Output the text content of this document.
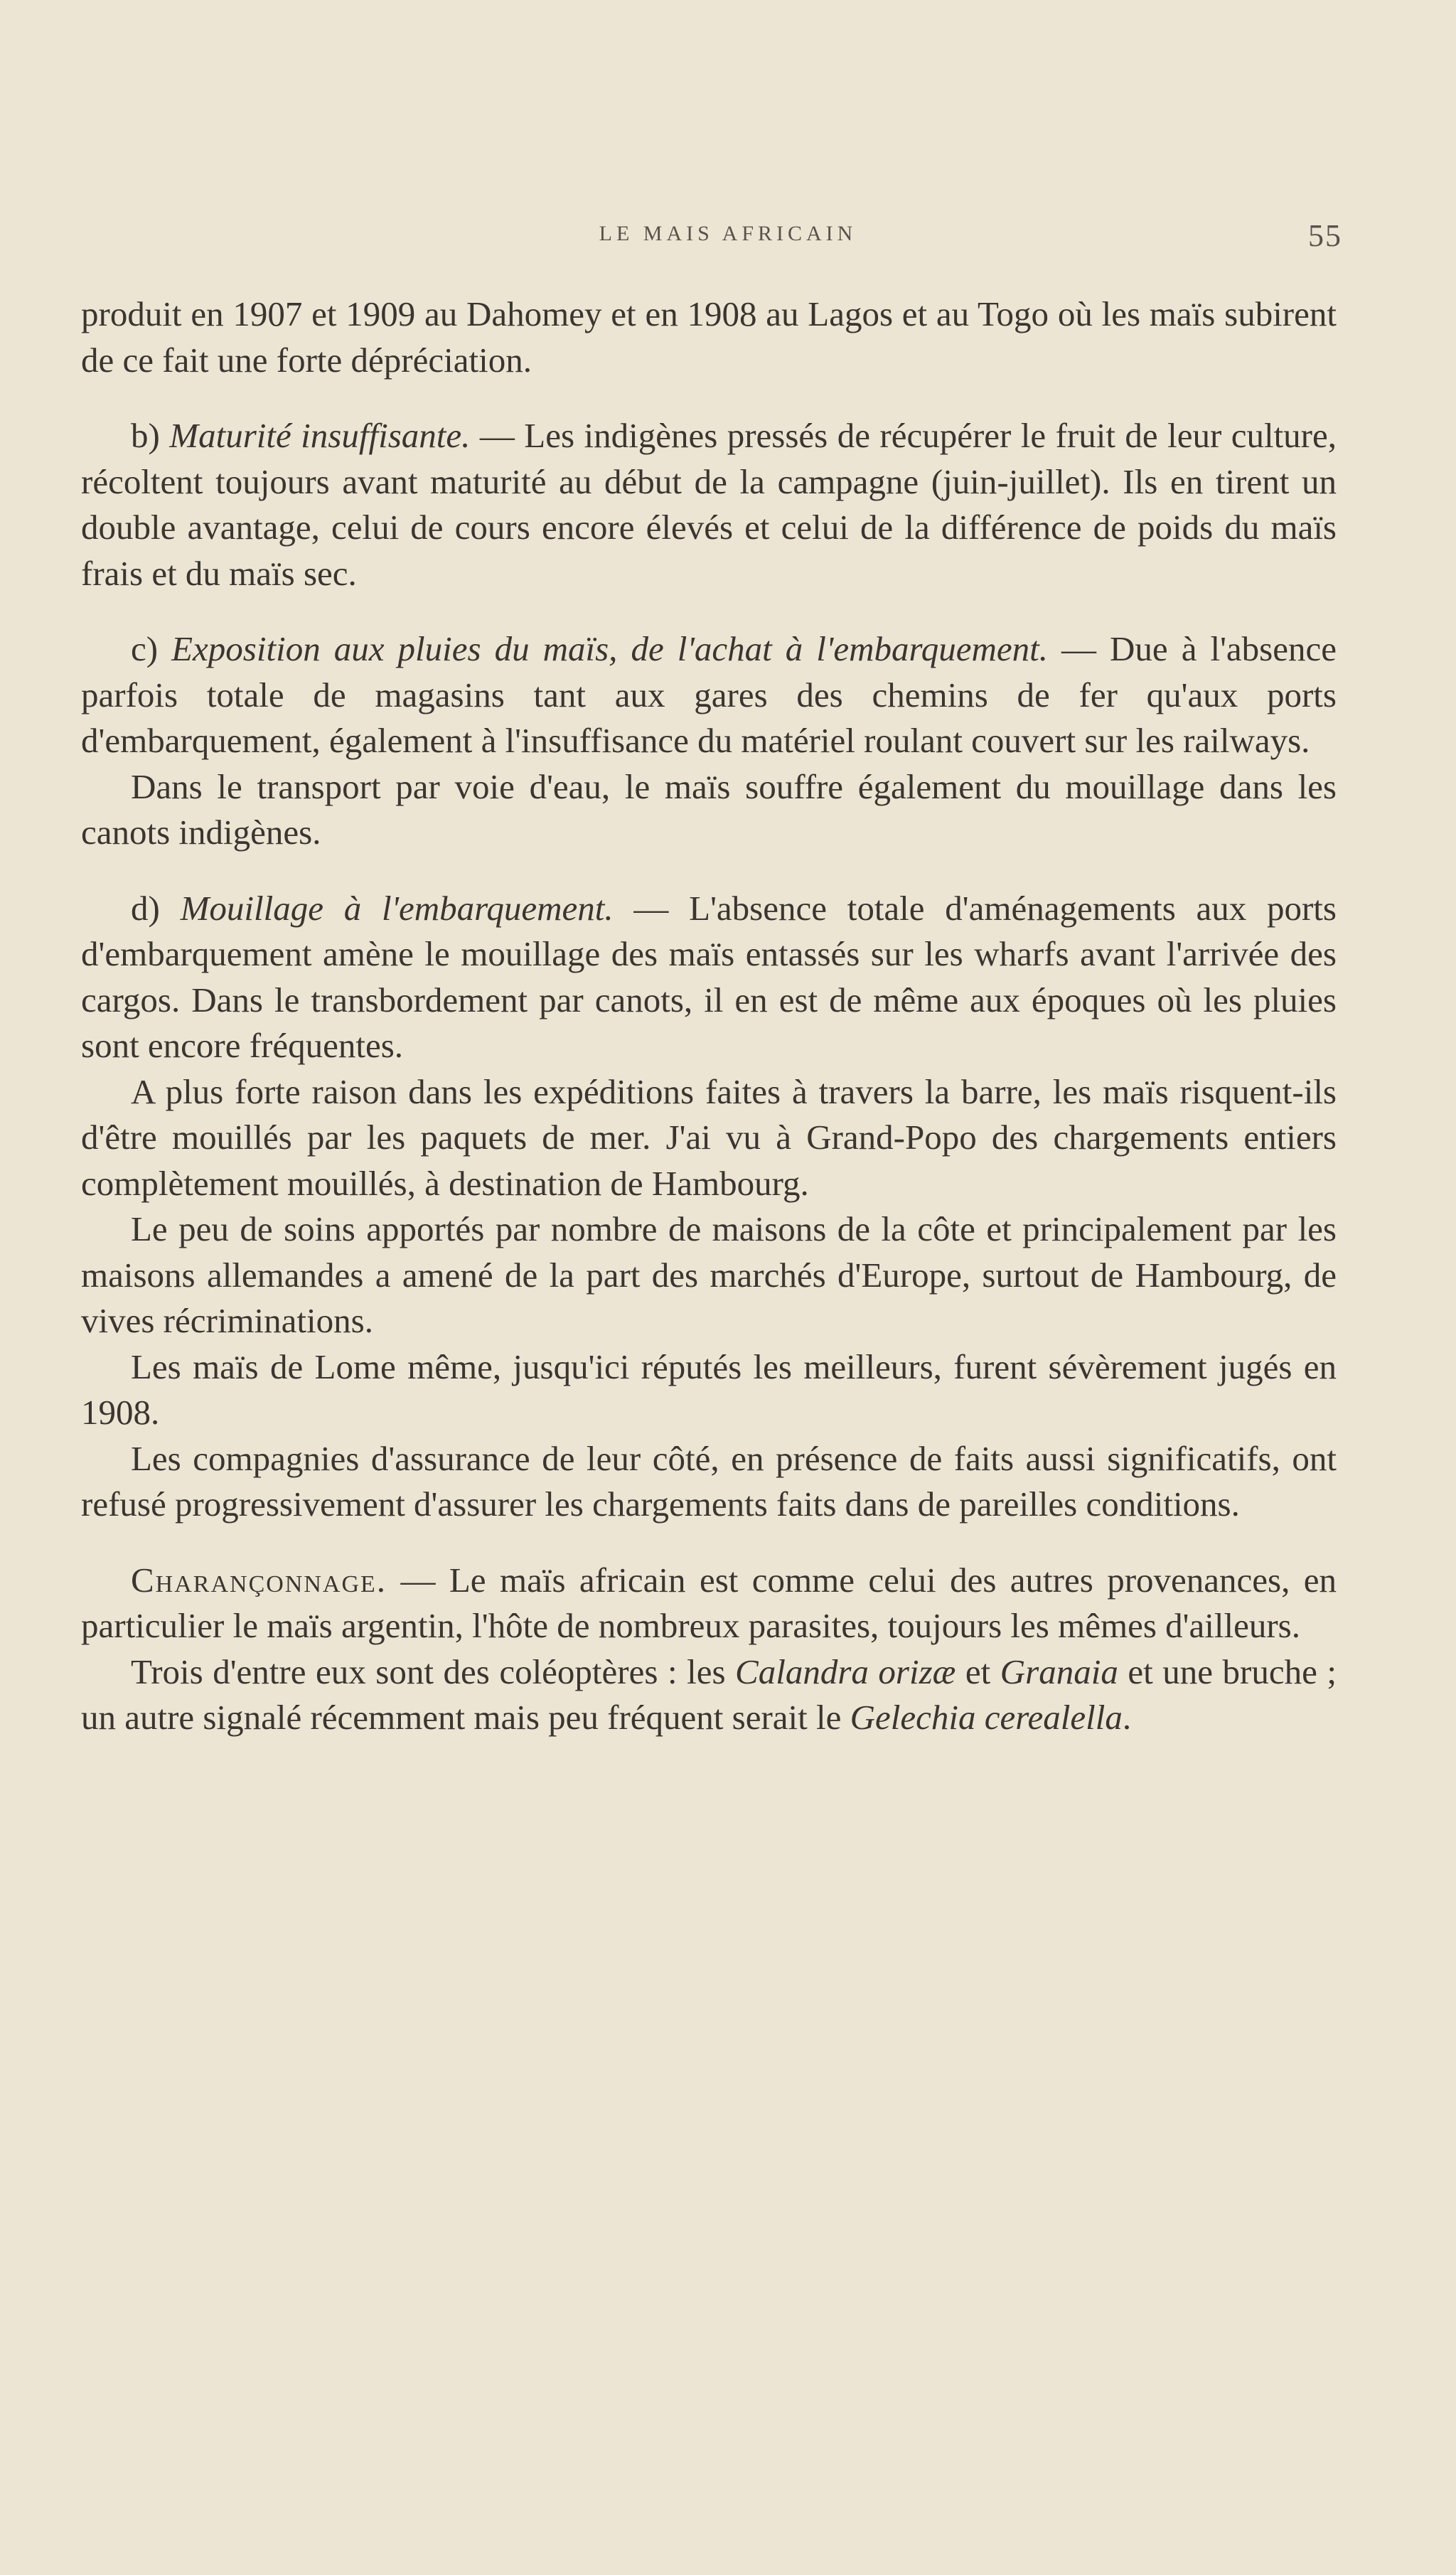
LE MAIS AFRICAIN	55

produit en 1907 et 1909 au Dahomey et en 1908 au Lagos et au Togo où les maïs subirent de ce fait une forte dépréciation.

b) Maturité insuffisante. — Les indigènes pressés de récupérer le fruit de leur culture, récoltent toujours avant maturité au début de la campagne (juin-juillet). Ils en tirent un double avantage, celui de cours encore élevés et celui de la différence de poids du maïs frais et du maïs sec.

c) Exposition aux pluies du maïs, de l'achat à l'embarquement. — Due à l'absence parfois totale de magasins tant aux gares des chemins de fer qu'aux ports d'embarquement, également à l'insuffisance du matériel roulant couvert sur les railways.

Dans le transport par voie d'eau, le maïs souffre également du mouillage dans les canots indigènes.

d) Mouillage à l'embarquement. — L'absence totale d'aménagements aux ports d'embarquement amène le mouillage des maïs entassés sur les wharfs avant l'arrivée des cargos. Dans le transbordement par canots, il en est de même aux époques où les pluies sont encore fréquentes.

A plus forte raison dans les expéditions faites à travers la barre, les maïs risquent-ils d'être mouillés par les paquets de mer. J'ai vu à Grand-Popo des chargements entiers complètement mouillés, à destination de Hambourg.

Le peu de soins apportés par nombre de maisons de la côte et principalement par les maisons allemandes a amené de la part des marchés d'Europe, surtout de Hambourg, de vives récriminations.

Les maïs de Lome même, jusqu'ici réputés les meilleurs, furent sévèrement jugés en 1908.

Les compagnies d'assurance de leur côté, en présence de faits aussi significatifs, ont refusé progressivement d'assurer les chargements faits dans de pareilles conditions.

Charançonnage. — Le maïs africain est comme celui des autres provenances, en particulier le maïs argentin, l'hôte de nombreux parasites, toujours les mêmes d'ailleurs.

Trois d'entre eux sont des coléoptères : les Calandra orizæ et Granaia et une bruche ; un autre signalé récemment mais peu fréquent serait le Gelechia cerealella.
